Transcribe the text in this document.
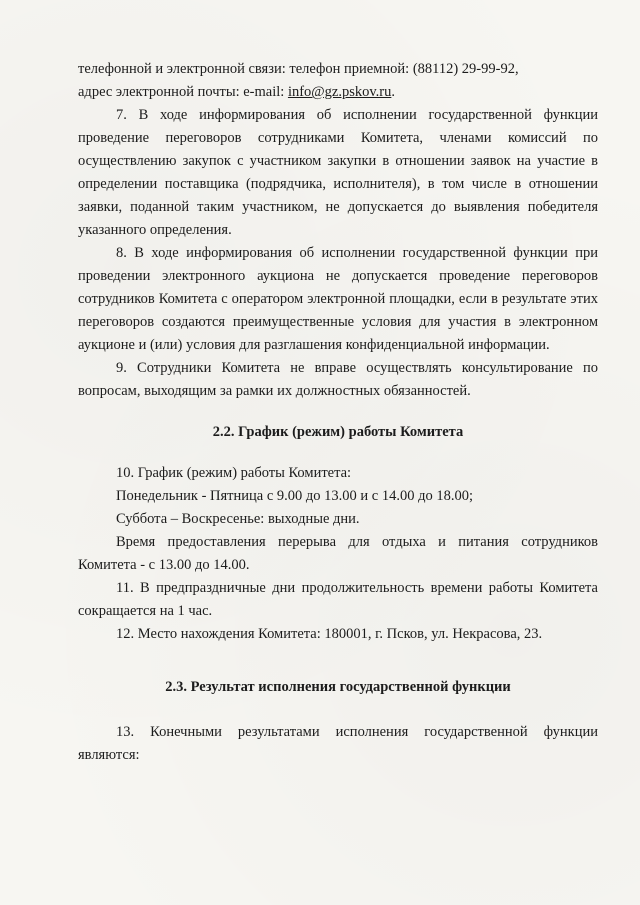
телефонной и электронной связи: телефон приемной: (88112) 29-99-92,

адрес электронной почты: e-mail: info@gz.pskov.ru.

7. В ходе информирования об исполнении государственной функции проведение переговоров сотрудниками Комитета, членами комиссий по осуществлению закупок с участником закупки в отношении заявок на участие в определении поставщика (подрядчика, исполнителя), в том числе в отношении заявки, поданной таким участником, не допускается до выявления победителя указанного определения.

8. В ходе информирования об исполнении государственной функции при проведении электронного аукциона не допускается проведение переговоров сотрудников Комитета с оператором электронной площадки, если в результате этих переговоров создаются преимущественные условия для участия в электронном аукционе и (или) условия для разглашения конфиденциальной информации.

9. Сотрудники Комитета не вправе осуществлять консультирование по вопросам, выходящим за рамки их должностных обязанностей.

2.2. График (режим) работы Комитета

10. График (режим) работы Комитета:

Понедельник - Пятница с 9.00 до 13.00 и с 14.00 до 18.00;

Суббота – Воскресенье: выходные дни.

Время предоставления перерыва для отдыха и питания сотрудников Комитета - с 13.00 до 14.00.

11. В предпраздничные дни продолжительность времени работы Комитета сокращается на 1 час.

12. Место нахождения Комитета: 180001, г. Псков, ул. Некрасова, 23.

2.3. Результат исполнения государственной функции

13. Конечными результатами исполнения государственной функции являются:
